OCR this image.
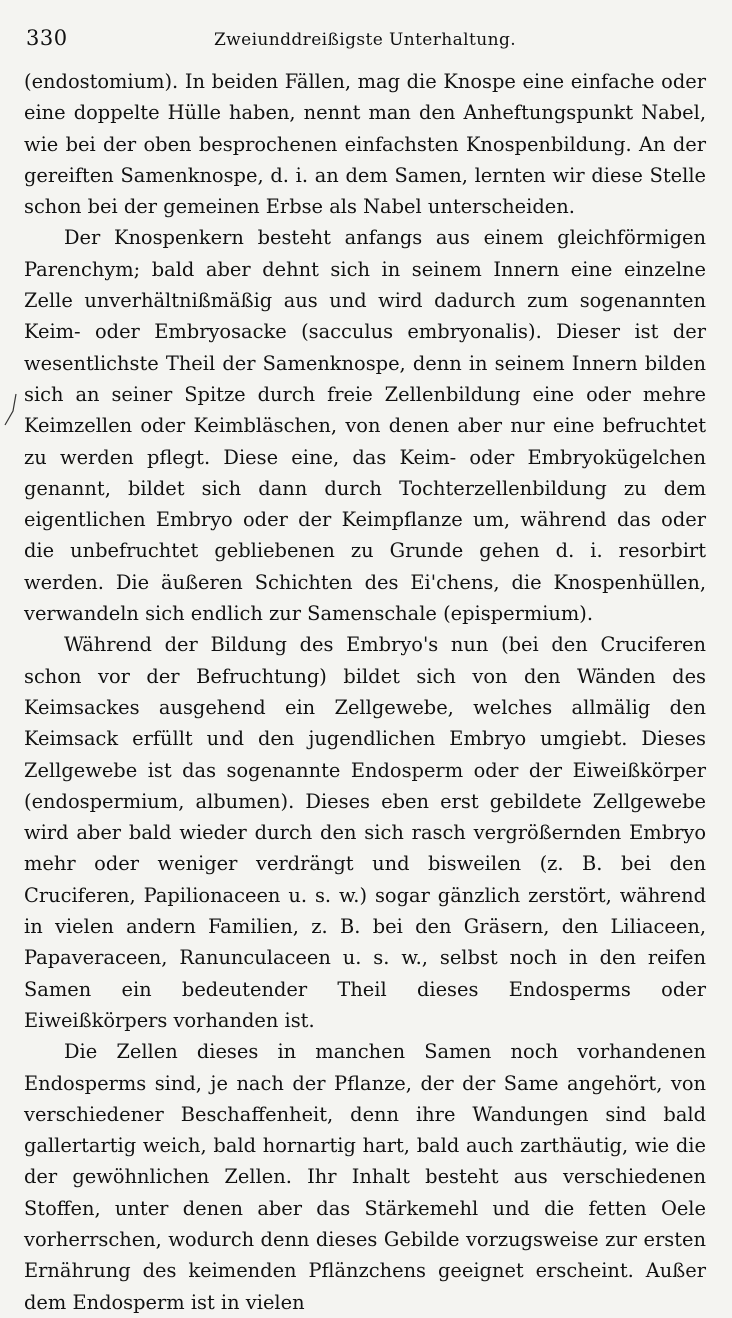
330	Zweiunddreißigste Unterhaltung.

(endostomium). In beiden Fällen, mag die Knospe eine einfache oder eine doppelte Hülle haben, nennt man den Anheftungspunkt Nabel, wie bei der oben besprochenen einfachsten Knospenbildung. An der gereiften Samenknospe, d. i. an dem Samen, lernten wir diese Stelle schon bei der gemeinen Erbse als Nabel unterscheiden.

Der Knospenkern besteht anfangs aus einem gleichförmigen Parenchym; bald aber dehnt sich in seinem Innern eine einzelne Zelle unverhältnißmäßig aus und wird dadurch zum sogenannten Keim- oder Embryosacke (sacculus embryonalis). Dieser ist der wesentlichste Theil der Samenknospe, denn in seinem Innern bilden sich an seiner Spitze durch freie Zellenbildung eine oder mehre Keimzellen oder Keimbläschen, von denen aber nur eine befruchtet zu werden pflegt. Diese eine, das Keim- oder Embryokügelchen genannt, bildet sich dann durch Tochterzellenbildung zu dem eigentlichen Embryo oder der Keimpflanze um, während das oder die unbefruchtet gebliebenen zu Grunde gehen d. i. resorbirt werden. Die äußeren Schichten des Ei'chens, die Knospenhüllen, verwandeln sich endlich zur Samenschale (epispermium).

Während der Bildung des Embryo's nun (bei den Cruciferen schon vor der Befruchtung) bildet sich von den Wänden des Keimsackes ausgehend ein Zellgewebe, welches allmälig den Keimsack erfüllt und den jugendlichen Embryo umgiebt. Dieses Zellgewebe ist das sogenannte Endosperm oder der Eiweißkörper (endospermium, albumen). Dieses eben erst gebildete Zellgewebe wird aber bald wieder durch den sich rasch vergrößernden Embryo mehr oder weniger verdrängt und bisweilen (z. B. bei den Cruciferen, Papilionaceen u. s. w.) sogar gänzlich zerstört, während in vielen andern Familien, z. B. bei den Gräsern, den Liliaceen, Papaveraceen, Ranunculaceen u. s. w., selbst noch in den reifen Samen ein bedeutender Theil dieses Endosperms oder Eiweißkörpers vorhanden ist.

Die Zellen dieses in manchen Samen noch vorhandenen Endosperms sind, je nach der Pflanze, der der Same angehört, von verschiedener Beschaffenheit, denn ihre Wandungen sind bald gallertartig weich, bald hornartig hart, bald auch zarthäutig, wie die der gewöhnlichen Zellen. Ihr Inhalt besteht aus verschiedenen Stoffen, unter denen aber das Stärkemehl und die fetten Oele vorherrschen, wodurch denn dieses Gebilde vorzugsweise zur ersten Ernährung des keimenden Pflänzchens geeignet erscheint. Außer dem Endosperm ist in vielen
